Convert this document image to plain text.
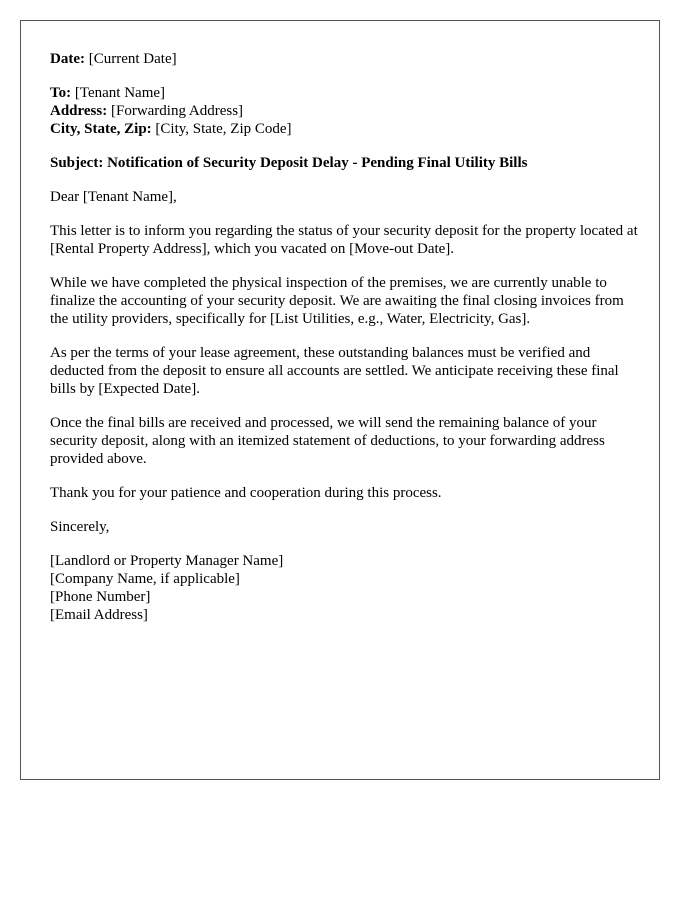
Date: [Current Date]
To: [Tenant Name]
Address: [Forwarding Address]
City, State, Zip: [City, State, Zip Code]

Subject: Notification of Security Deposit Delay - Pending Final Utility Bills

Dear [Tenant Name],

This letter is to inform you regarding the status of your security deposit for the property located at [Rental Property Address], which you vacated on [Move-out Date].

While we have completed the physical inspection of the premises, we are currently unable to finalize the accounting of your security deposit. We are awaiting the final closing invoices from the utility providers, specifically for [List Utilities, e.g., Water, Electricity, Gas].

As per the terms of your lease agreement, these outstanding balances must be verified and deducted from the deposit to ensure all accounts are settled. We anticipate receiving these final bills by [Expected Date].

Once the final bills are received and processed, we will send the remaining balance of your security deposit, along with an itemized statement of deductions, to your forwarding address provided above.

Thank you for your patience and cooperation during this process.

Sincerely,

[Landlord or Property Manager Name]
[Company Name, if applicable]
[Phone Number]
[Email Address]
